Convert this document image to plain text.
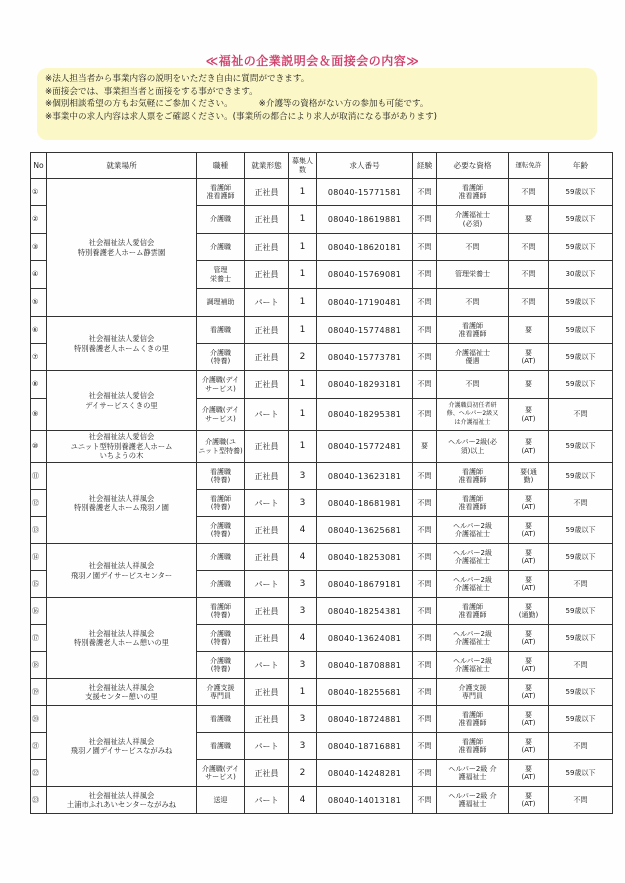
≪福祉の企業説明会＆面接会の内容≫
※法人担当者から事業内容の説明をいただき自由に質問ができます。
※面接会では、事業担当者と面接をする事ができます。
※個別相談希望の方もお気軽にご参加ください。	※介護等の資格がない方の参加も可能です。
※事業中の求人内容は求人票をご確認ください。(事業所の都合により求人が取消になる事があります)
No	就業場所	職種	就業形態	募集人数	求人番号	経験	必要な資格	運転免許	年齢
①	社会福祉法人愛信会
特別養護老人ホーム静雲園	看護師
准看護師	正社員	1	08040-15771581	不問	看護師
准看護師	不問	59歳以下
②		介護職	正社員	1	08040-18619881	不問	介護福祉士
(必須)	要	59歳以下
③		介護職	正社員	1	08040-18620181	不問	不問	不問	59歳以下
④		管理
栄養士	正社員	1	08040-15769081	不問	管理栄養士	不問	30歳以下
⑤		調理補助	パート	1	08040-17190481	不問	不問	不問	59歳以下
⑥	社会福祉法人愛信会
特別養護老人ホームくきの里	看護職	正社員	1	08040-15774881	不問	看護師
准看護師	要	59歳以下
⑦		介護職
(特養)	正社員	2	08040-15773781	不問	介護福祉士
優遇	要
(AT)	59歳以下
⑧	社会福祉法人愛信会
デイサービスくきの里	介護職(デイ
サービス)	正社員	1	08040-18293181	不問	不問	要	59歳以下
⑨		介護職(デイ
サービス)	パート	1	08040-18295381	不問	介護職員初任者研
修、ヘルパー2級又
は介護福祉士	要
(AT)	不問
⑩	社会福祉法人愛信会
ユニット型特別養護老人ホーム
いちようの木	介護職(ユ
ニット型特養)	正社員	1	08040-15772481	要	ヘルパー2級(必
須)以上	要
(AT)	59歳以下
⑪	社会福祉法人祥風会
特別養護老人ホーム飛羽ノ園	看護職
(特養)	正社員	3	08040-13623181	不問	看護師
准看護師	要(通
勤)	59歳以下
⑫		看護師
(特養)	パート	3	08040-18681981	不問	看護師
准看護師	要
(AT)	不問
⑬		介護職
(特養)	正社員	4	08040-13625681	不問	ヘルパー2級
介護福祉士	要
(AT)	59歳以下
⑭	社会福祉法人祥風会
飛羽ノ園デイサービスセンター	介護職	正社員	4	08040-18253081	不問	ヘルパー2級
介護福祉士	要
(AT)	59歳以下
⑮		介護職	パート	3	08040-18679181	不問	ヘルパー2級
介護福祉士	要
(AT)	不問
⑯	社会福祉法人祥風会
特別養護老人ホーム憩いの里	看護師
(特養)	正社員	3	08040-18254381	不問	看護師
准看護師	要
(通勤)	59歳以下
⑰		介護職
(特養)	正社員	4	08040-13624081	不問	ヘルパー2級
介護福祉士	要
(AT)	59歳以下
⑱		介護職
(特養)	パート	3	08040-18708881	不問	ヘルパー2級
介護福祉士	要
(AT)	不問
⑲	社会福祉法人祥風会
支援センター憩いの里	介護支援
専門員	正社員	1	08040-18255681	不問	介護支援
専門員	要
(AT)	59歳以下
⑳	社会福祉法人祥風会
飛羽ノ園デイサービスながみね	看護職	正社員	3	08040-18724881	不問	看護師
准看護師	要
(AT)	59歳以下
㉑		看護職	パート	3	08040-18716881	不問	看護師
准看護師	要
(AT)	不問
㉒		介護職(デイ
サービス)	正社員	2	08040-14248281	不問	ヘルパー2級 介
護福祉士	要
(AT)	59歳以下
㉓	社会福祉法人祥風会
土浦市ふれあいセンターながみね	送迎	パート	4	08040-14013181	不問	ヘルパー2級 介
護福祉士	要
(AT)	不問
